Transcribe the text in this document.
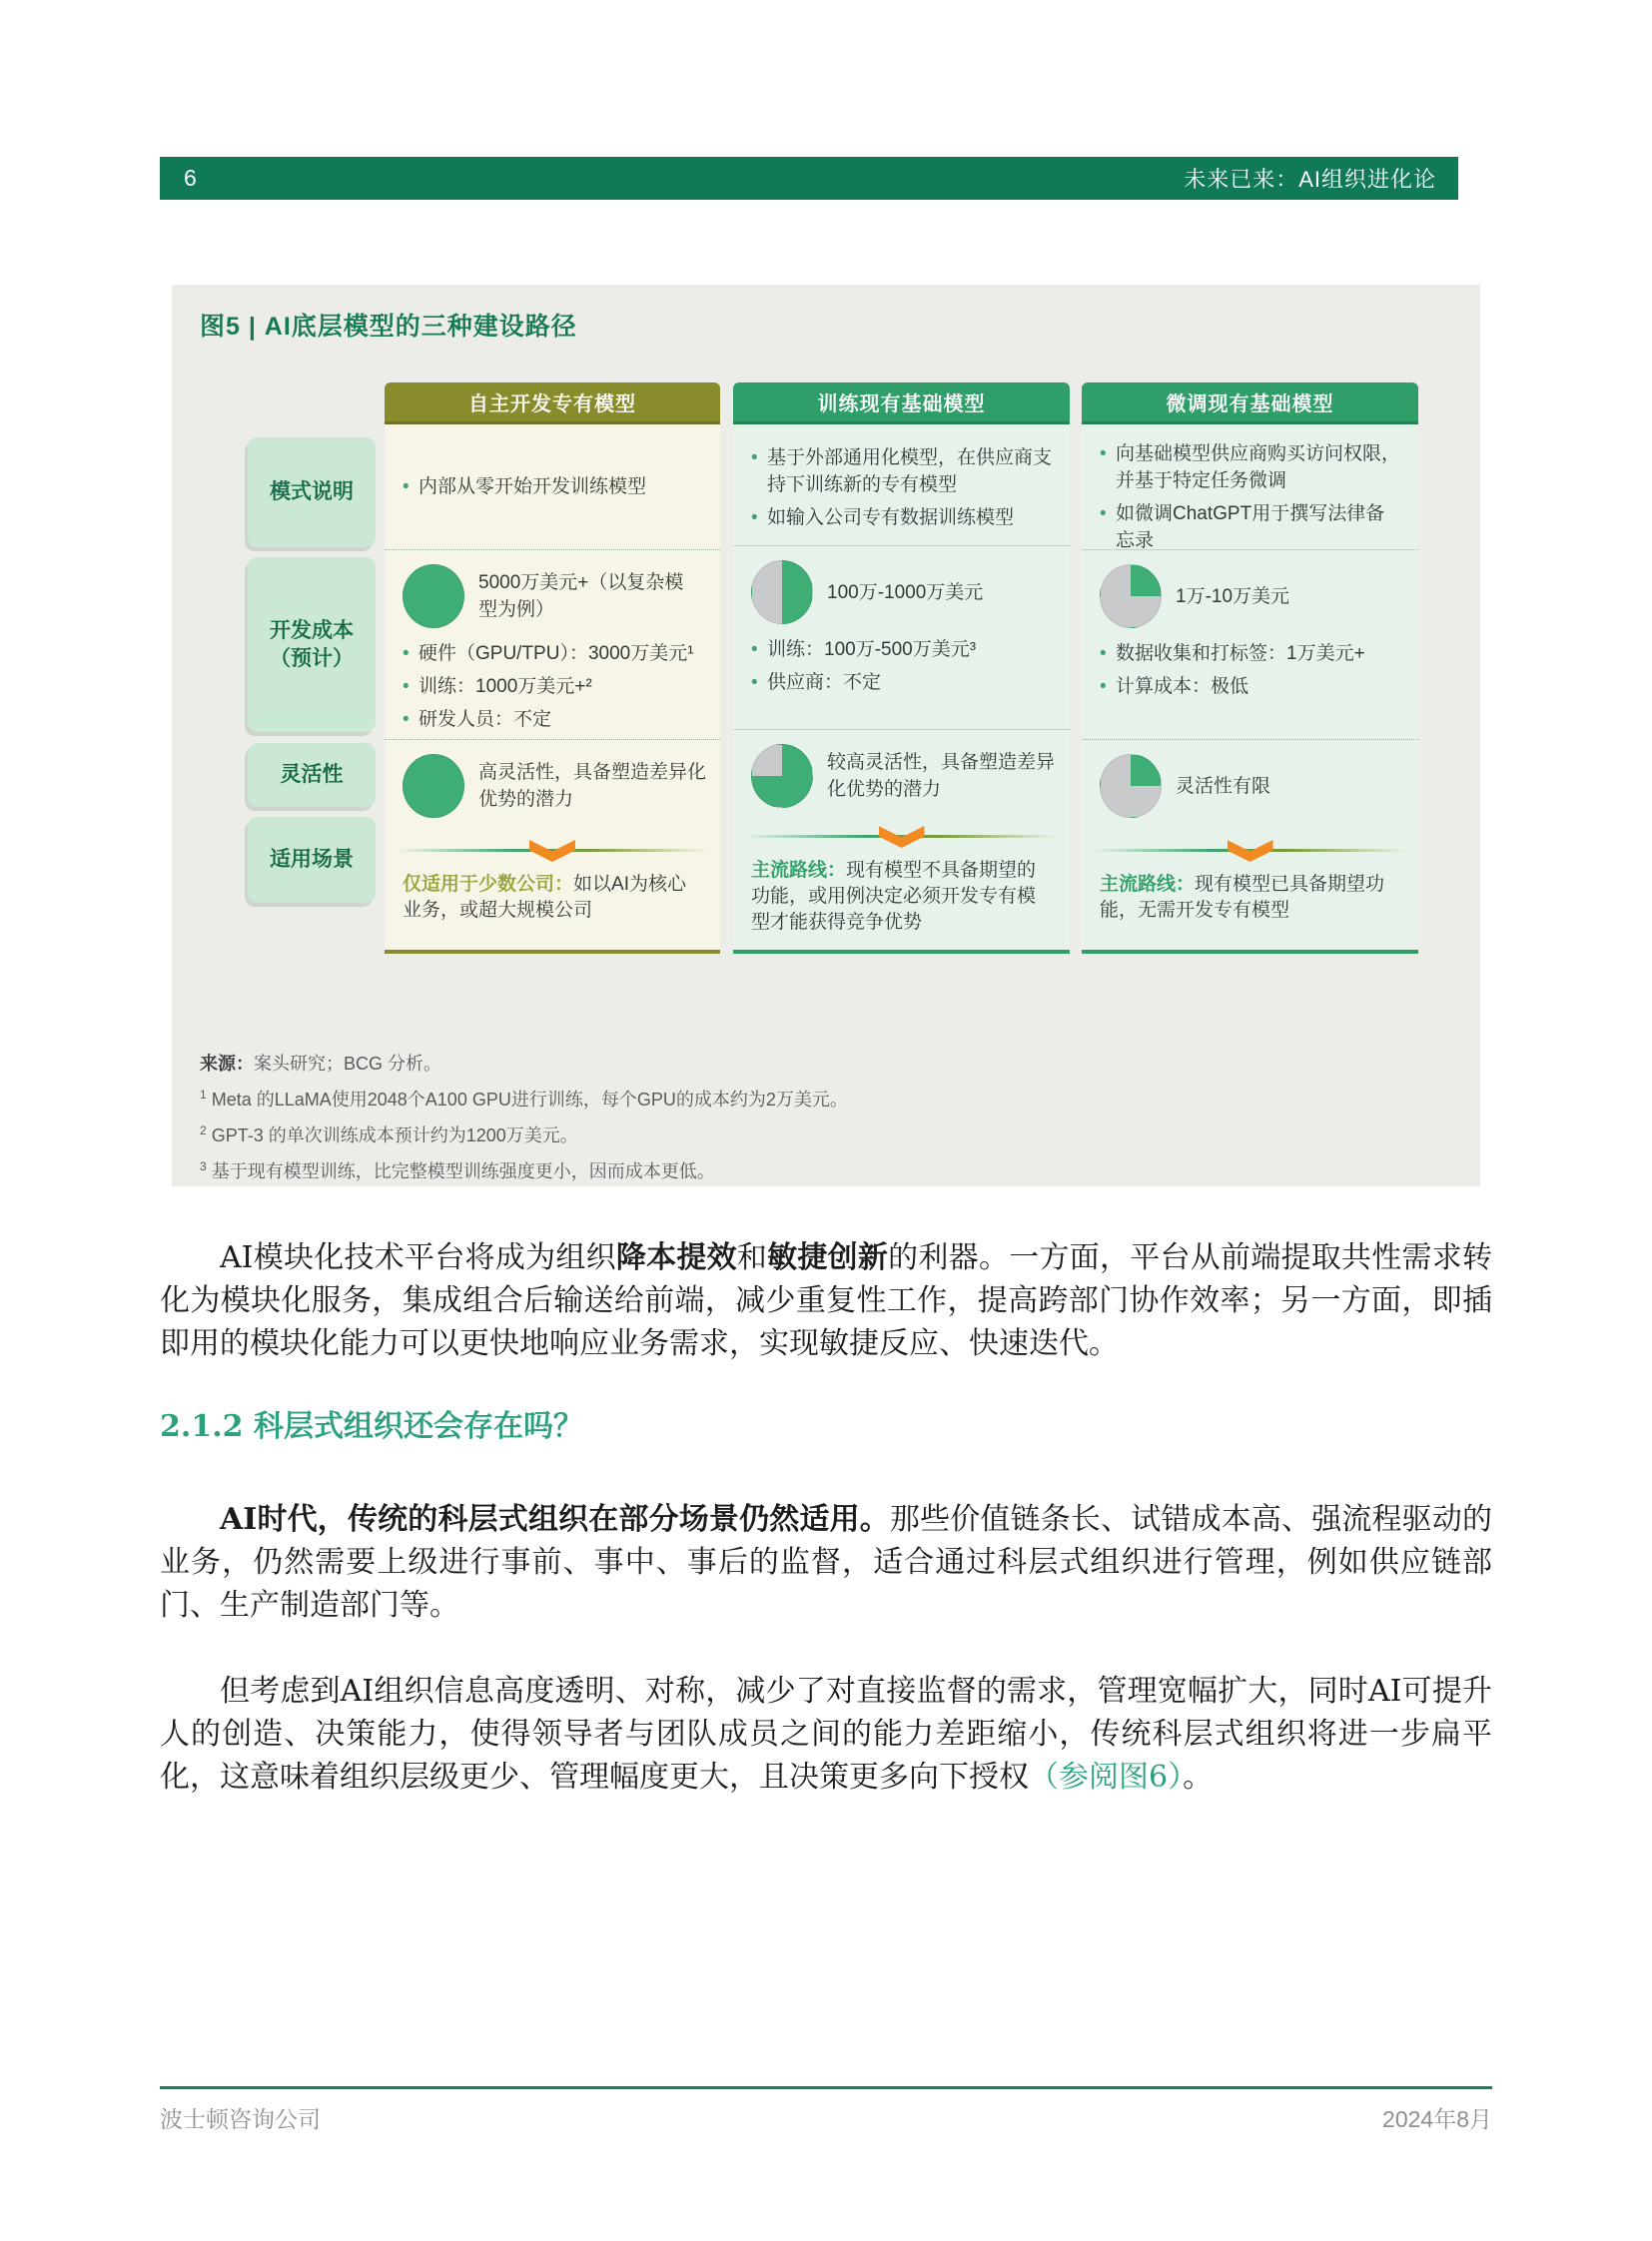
6	未来已来：AI组织进化论
图5 | AI底层模型的三种建设路径
模式说明
开发成本
（预计）
灵活性
适用场景
自主开发专有模型
• 内部从零开始开发训练模型
5000万美元+（以复杂模型为例）
• 硬件（GPU/TPU）：3000万美元¹
• 训练：1000万美元+²
• 研发人员：不定
高灵活性，具备塑造差异化优势的潜力
仅适用于少数公司：如以AI为核心业务，或超大规模公司
训练现有基础模型
• 基于外部通用化模型，在供应商支持下训练新的专有模型
• 如输入公司专有数据训练模型
100万-1000万美元
• 训练：100万-500万美元³
• 供应商：不定
较高灵活性，具备塑造差异化优势的潜力
主流路线：现有模型不具备期望的功能，或用例决定必须开发专有模型才能获得竞争优势
微调现有基础模型
• 向基础模型供应商购买访问权限，并基于特定任务微调
• 如微调ChatGPT用于撰写法律备忘录
1万-10万美元
• 数据收集和打标签：1万美元+
• 计算成本：极低
灵活性有限
主流路线：现有模型已具备期望功能，无需开发专有模型
来源：案头研究；BCG 分析。
$^1$ Meta 的LLaMA使用2048个A100 GPU进行训练，每个GPU的成本约为2万美元。
$^2$ GPT-3 的单次训练成本预计约为1200万美元。
$^3$ 基于现有模型训练，比完整模型训练强度更小，因而成本更低。

AI模块化技术平台将成为组织降本提效和敏捷创新的利器。一方面，平台从前端提取共性需求转化为模块化服务，集成组合后输送给前端，减少重复性工作，提高跨部门协作效率；另一方面，即插即用的模块化能力可以更快地响应业务需求，实现敏捷反应、快速迭代。

2.1.2 科层式组织还会存在吗？

AI时代，传统的科层式组织在部分场景仍然适用。那些价值链条长、试错成本高、强流程驱动的业务，仍然需要上级进行事前、事中、事后的监督，适合通过科层式组织进行管理，例如供应链部门、生产制造部门等。

但考虑到AI组织信息高度透明、对称，减少了对直接监督的需求，管理宽幅扩大，同时AI可提升人的创造、决策能力，使得领导者与团队成员之间的能力差距缩小，传统科层式组织将进一步扁平化，这意味着组织层级更少、管理幅度更大，且决策更多向下授权（参阅图6）。

波士顿咨询公司	2024年8月
